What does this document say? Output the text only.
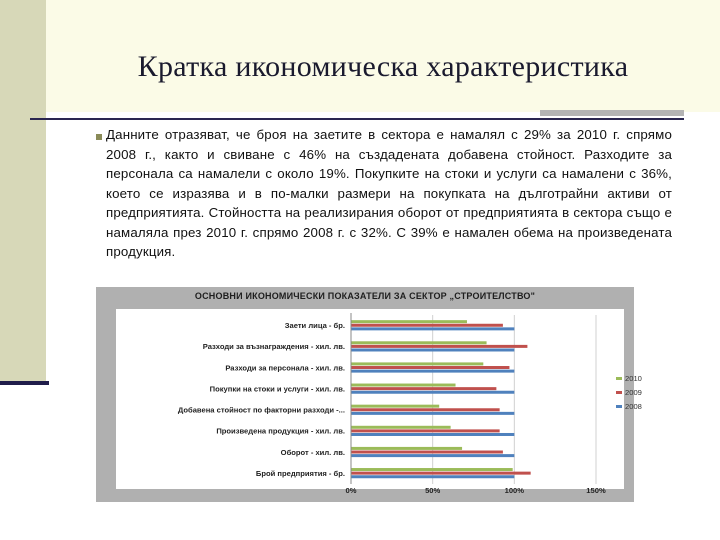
Кратка икономическа характеристика
Данните отразяват, че броя на заетите в сектора е намалял с 29% за 2010 г. спрямо 2008 г., както и свиване с 46% на създадената добавена стойност. Разходите за персонала са намалели с около 19%. Покупките на стоки и услуги са намалени с 36%, което се изразява и в по-малки размери на покупката на дълготрайни активи от предприятията. Стойността на реализирания оборот от предприятията в сектора също е намаляла през 2010 г. спрямо 2008 г. с 32%. С 39% е намален обема на произведената продукция.
ОСНОВНИ ИКОНОМИЧЕСКИ ПОКАЗАТЕЛИ ЗА СЕКТОР „СТРОИТЕЛСТВО"
Заети лица - бр.
Разходи за възнаграждения - хил. лв.
Разходи за персонала - хил. лв.
Покупки на стоки и услуги - хил. лв.
Добавена стойност по факторни разходи -...
Произведена продукция - хил. лв.
Оборот - хил. лв.
Брой предприятия - бр.
0%	50%	100%	150%
2010
2009
2008
